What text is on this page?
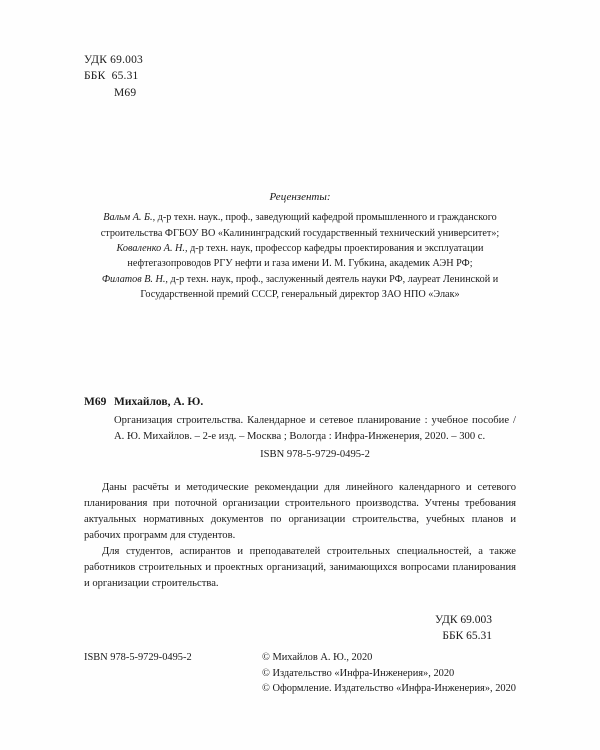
УДК 69.003
ББК  65.31
М69
Рецензенты:

Вальм А. Б., д-р техн. наук., проф., заведующий кафедрой промышленного и гражданского строительства ФГБОУ ВО «Калининградский государственный технический университет»;

Коваленко А. Н., д-р техн. наук, профессор кафедры проектирования и эксплуатации нефтегазопроводов РГУ нефти и газа имени И. М. Губкина, академик АЭН РФ;

Филатов В. Н., д-р техн. наук, проф., заслуженный деятель науки РФ, лауреат Ленинской и Государственной премий СССР, генеральный директор ЗАО НПО «Элак»

М69 Михайлов, А. Ю.
Организация строительства. Календарное и сетевое планирование : учебное пособие / А. Ю. Михайлов. – 2-е изд. – Москва ; Вологда : Инфра-Инженерия, 2020. – 300 с.
ISBN 978-5-9729-0495-2

Даны расчёты и методические рекомендации для линейного календарного и сетевого планирования при поточной организации строительного производства. Учтены требования актуальных нормативных документов по организации строительства, учебных планов и рабочих программ для студентов.

Для студентов, аспирантов и преподавателей строительных специальностей, а также работников строительных и проектных организаций, занимающихся вопросами планирования и организации строительства.

УДК 69.003
ББК 65.31
ISBN 978-5-9729-0495-2	© Михайлов А. Ю., 2020
© Издательство «Инфра-Инженерия», 2020
© Оформление. Издательство «Инфра-Инженерия», 2020
